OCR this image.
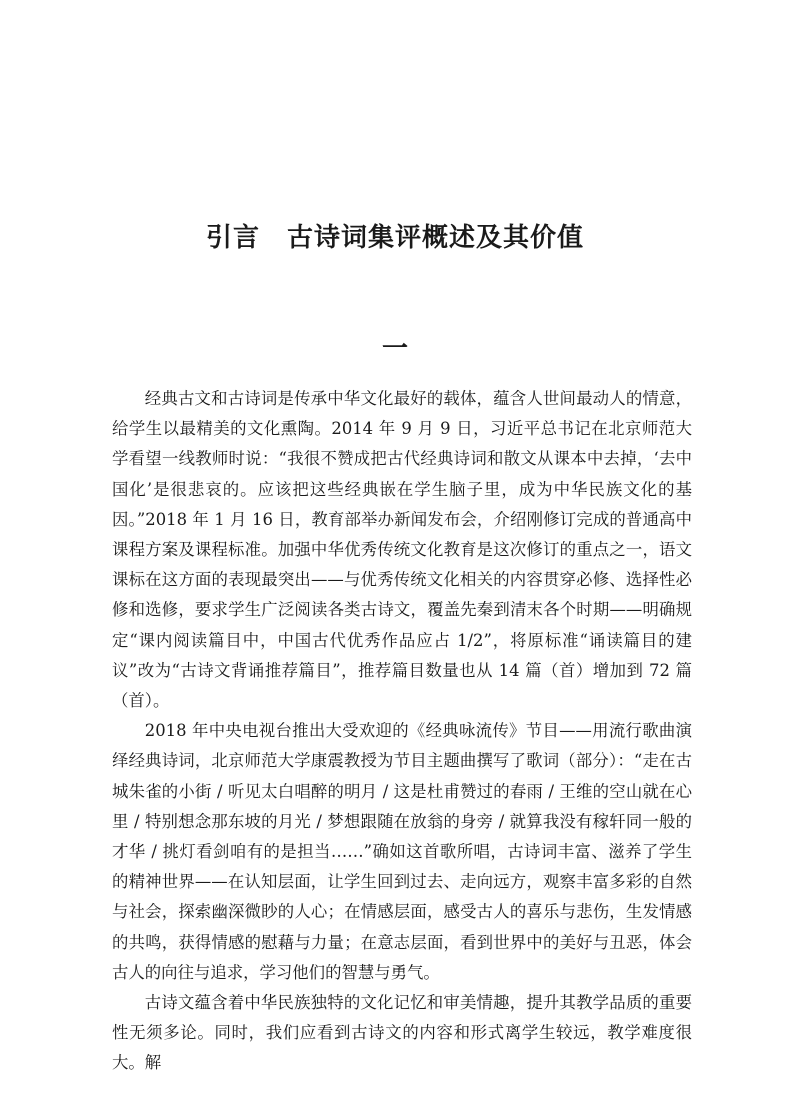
引言　古诗词集评概述及其价值
一

经典古文和古诗词是传承中华文化最好的载体，蕴含人世间最动人的情意，给学生以最精美的文化熏陶。2014 年 9 月 9 日，习近平总书记在北京师范大学看望一线教师时说：“我很不赞成把古代经典诗词和散文从课本中去掉，‘去中国化’是很悲哀的。应该把这些经典嵌在学生脑子里，成为中华民族文化的基因。”2018 年 1 月 16 日，教育部举办新闻发布会，介绍刚修订完成的普通高中课程方案及课程标准。加强中华优秀传统文化教育是这次修订的重点之一，语文课标在这方面的表现最突出——与优秀传统文化相关的内容贯穿必修、选择性必修和选修，要求学生广泛阅读各类古诗文，覆盖先秦到清末各个时期——明确规定“课内阅读篇目中，中国古代优秀作品应占 1/2”，将原标准“诵读篇目的建议”改为“古诗文背诵推荐篇目”，推荐篇目数量也从 14 篇（首）增加到 72 篇（首）。

2018 年中央电视台推出大受欢迎的《经典咏流传》节目——用流行歌曲演绎经典诗词，北京师范大学康震教授为节目主题曲撰写了歌词（部分）：“走在古城朱雀的小街 / 听见太白唱醉的明月 / 这是杜甫赞过的春雨 / 王维的空山就在心里 / 特别想念那东坡的月光 / 梦想跟随在放翁的身旁 / 就算我没有稼轩同一般的才华 / 挑灯看剑咱有的是担当……”确如这首歌所唱，古诗词丰富、滋养了学生的精神世界——在认知层面，让学生回到过去、走向远方，观察丰富多彩的自然与社会，探索幽深微眇的人心；在情感层面，感受古人的喜乐与悲伤，生发情感的共鸣，获得情感的慰藉与力量；在意志层面，看到世界中的美好与丑恶，体会古人的向往与追求，学习他们的智慧与勇气。

古诗文蕴含着中华民族独特的文化记忆和审美情趣，提升其教学品质的重要性无须多论。同时，我们应看到古诗文的内容和形式离学生较远，教学难度很大。解
